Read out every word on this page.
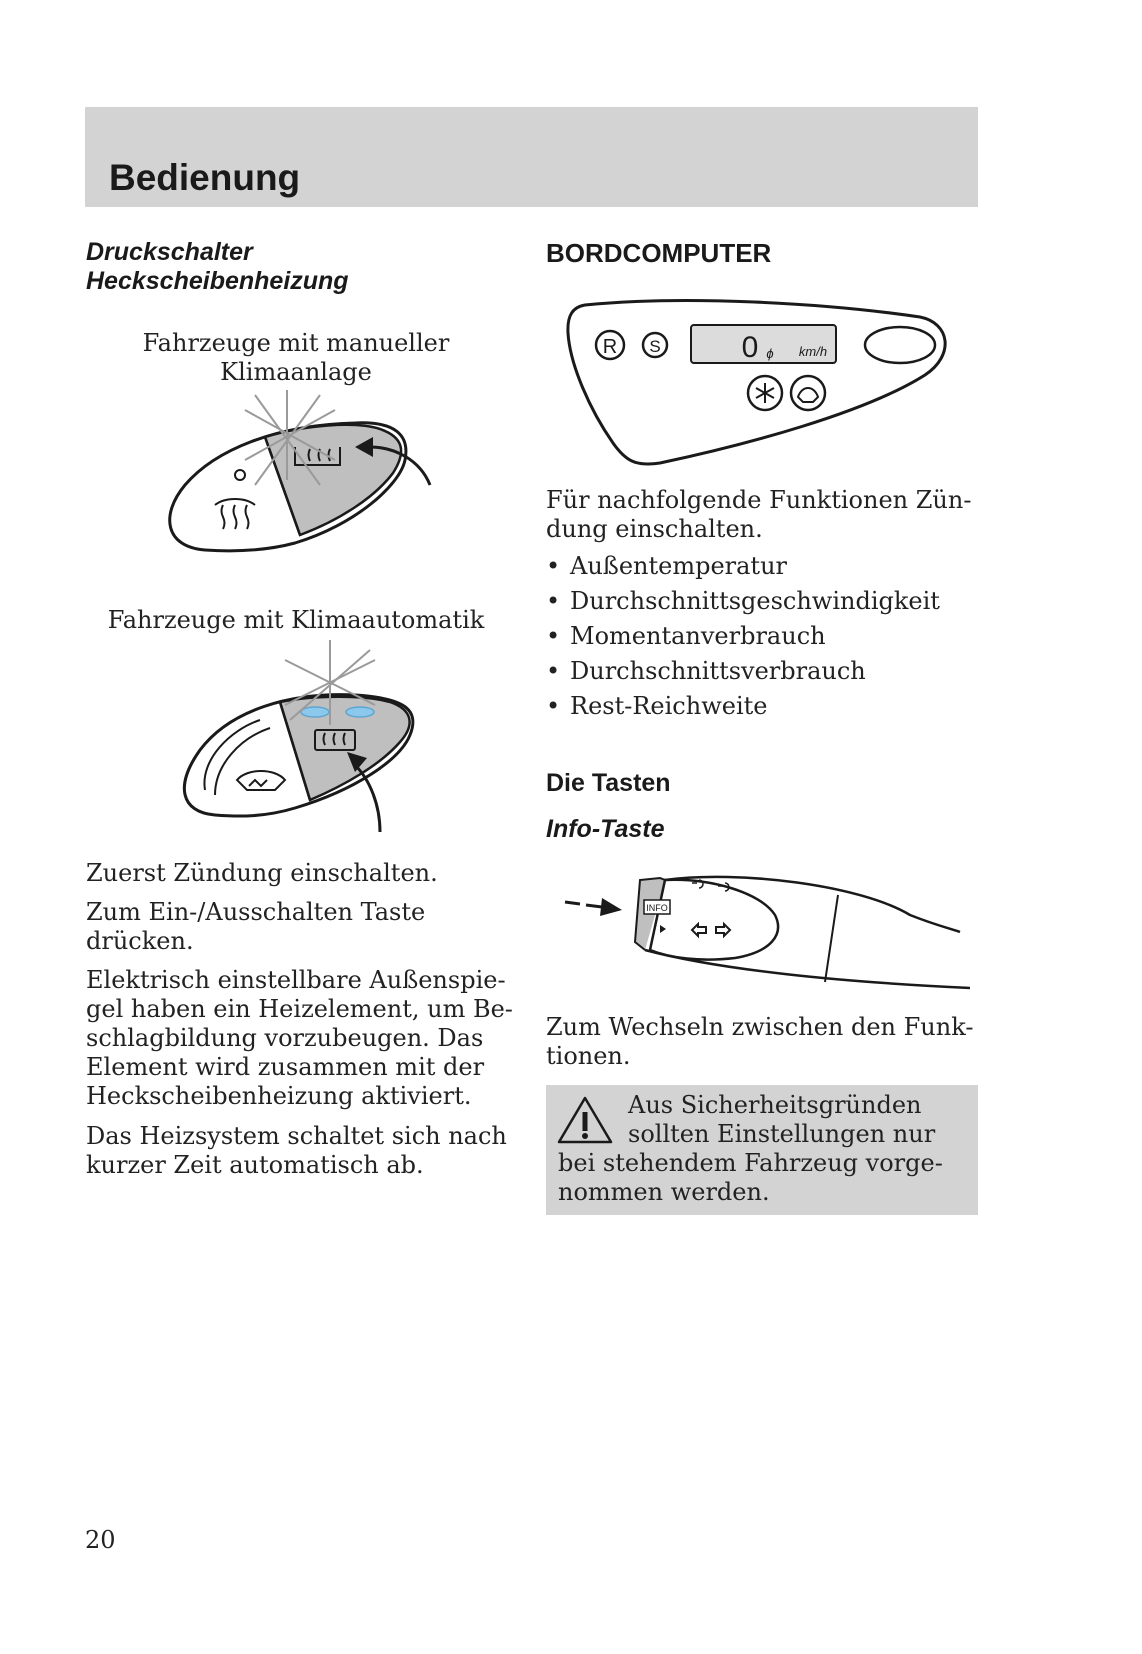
Bedienung
Druckschalter
Heckscheibenheizung

Fahrzeuge mit manueller

Klimaanlage

Fahrzeuge mit Klimaautomatik

Zuerst Zündung einschalten.

Zum Ein-/Ausschalten Taste
drücken.

Elektrisch einstellbare Außenspie-
gel haben ein Heizelement, um Be-
schlagbildung vorzubeugen. Das
Element wird zusammen mit der
Heckscheibenheizung aktiviert.

Das Heizsystem schaltet sich nach
kurzer Zeit automatisch ab.

BORDCOMPUTER
R S	0 ϕ km/h

Für nachfolgende Funktionen Zün-
dung einschalten.

• Außentemperatur
• Durchschnittsgeschwindigkeit
• Momentanverbrauch
• Durchschnittsverbrauch
• Rest-Reichweite
Die Tasten
Info-Taste
INFO

Zum Wechseln zwischen den Funk-
tionen.

Aus Sicherheitsgründen
sollten Einstellungen nur
bei stehendem Fahrzeug vorge-
nommen werden.
20
